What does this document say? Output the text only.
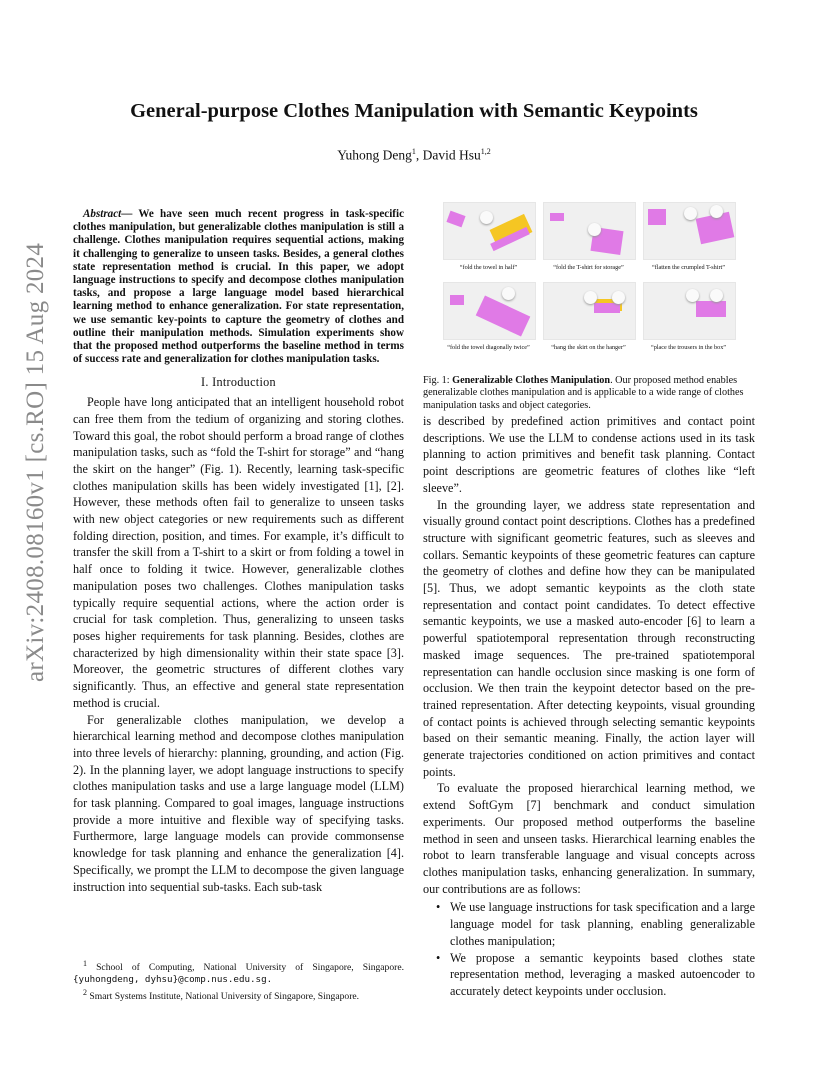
arXiv:2408.08160v1 [cs.RO] 15 Aug 2024
General-purpose Clothes Manipulation with Semantic Keypoints
Yuhong Deng$^1$, David Hsu$^{1,2}$
Abstract— We have seen much recent progress in task-specific clothes manipulation, but generalizable clothes manipulation is still a challenge. Clothes manipulation requires sequential actions, making it challenging to generalize to unseen tasks. Besides, a general clothes state representation method is crucial. In this paper, we adopt language instructions to specify and decompose clothes manipulation tasks, and propose a large language model based hierarchical learning method to enhance generalization. For state representation, we use semantic key-points to capture the geometry of clothes and outline their manipulation methods. Simulation experiments show that the proposed method outperforms the baseline method in terms of success rate and generalization for clothes manipulation tasks.
I. Introduction

People have long anticipated that an intelligent household robot can free them from the tedium of organizing and storing clothes. Toward this goal, the robot should perform a broad range of clothes manipulation tasks, such as “fold the T-shirt for storage” and “hang the skirt on the hanger” (Fig. 1). Recently, learning task-specific clothes manipulation skills has been widely investigated [1], [2]. However, these methods often fail to generalize to unseen tasks with new object categories or new requirements such as different folding direction, position, and times. For example, it’s difficult to transfer the skill from a T-shirt to a skirt or from folding a towel in half once to folding it twice. However, generalizable clothes manipulation poses two challenges. Clothes manipulation tasks typically require sequential actions, where the action order is crucial for task completion. Thus, generalizing to unseen tasks poses higher requirements for task planning. Besides, clothes are characterized by high dimensionality within their state space [3]. Moreover, the geometric structures of different clothes vary significantly. Thus, an effective and general state representation method is crucial.

For generalizable clothes manipulation, we develop a hierarchical learning method and decompose clothes manipulation into three levels of hierarchy: planning, grounding, and action (Fig. 2). In the planning layer, we adopt language instructions to specify clothes manipulation tasks and use a large language model (LLM) for task planning. Compared to goal images, language instructions provide a more intuitive and flexible way of specifying tasks. Furthermore, large language models can provide commonsense knowledge for task planning and enhance the generalization [4]. Specifically, we prompt the LLM to decompose the given language instruction into sequential sub-tasks. Each sub-task

$^1$ School of Computing, National University of Singapore, Singapore.{yuhongdeng, dyhsu}@comp.nus.edu.sg.
$^2$ Smart Systems Institute, National University of Singapore, Singapore.
“fold the towel in half”	“fold the T-shirt for storage”	“flatten the crumpled T-shirt”
“fold the towel diagonally twice”	“hang the skirt on the hanger”	“place the trousers in the box”
Fig. 1: Generalizable Clothes Manipulation. Our proposed method enables generalizable clothes manipulation and is applicable to a wide range of clothes manipulation tasks and object categories.

is described by predefined action primitives and contact point descriptions. We use the LLM to condense actions used in its task planning to action primitives and benefit task planning. Contact point descriptions are geometric features of clothes like “left sleeve”.

In the grounding layer, we address state representation and visually ground contact point descriptions. Clothes has a predefined structure with significant geometric features, such as sleeves and collars. Semantic keypoints of these geometric features can capture the geometry of clothes and define how they can be manipulated [5]. Thus, we adopt semantic keypoints as the cloth state representation and contact point candidates. To detect effective semantic keypoints, we use a masked auto-encoder [6] to learn a powerful spatiotemporal representation through reconstructing masked image sequences. The pre-trained spatiotemporal representation can handle occlusion since masking is one form of occlusion. We then train the keypoint detector based on the pre-trained representation. After detecting keypoints, visual grounding of contact points is achieved through selecting semantic keypoints based on their semantic meaning. Finally, the action layer will generate trajectories conditioned on action primitives and contact points.

To evaluate the proposed hierarchical learning method, we extend SoftGym [7] benchmark and conduct simulation experiments. Our proposed method outperforms the baseline method in seen and unseen tasks. Hierarchical learning enables the robot to learn transferable language and visual concepts across clothes manipulation tasks, enhancing generalization. In summary, our contributions are as follows:

• We use language instructions for task specification and a large language model for task planning, enabling generalizable clothes manipulation;
• We propose a semantic keypoints based clothes state representation method, leveraging a masked autoencoder to accurately detect keypoints under occlusion.
